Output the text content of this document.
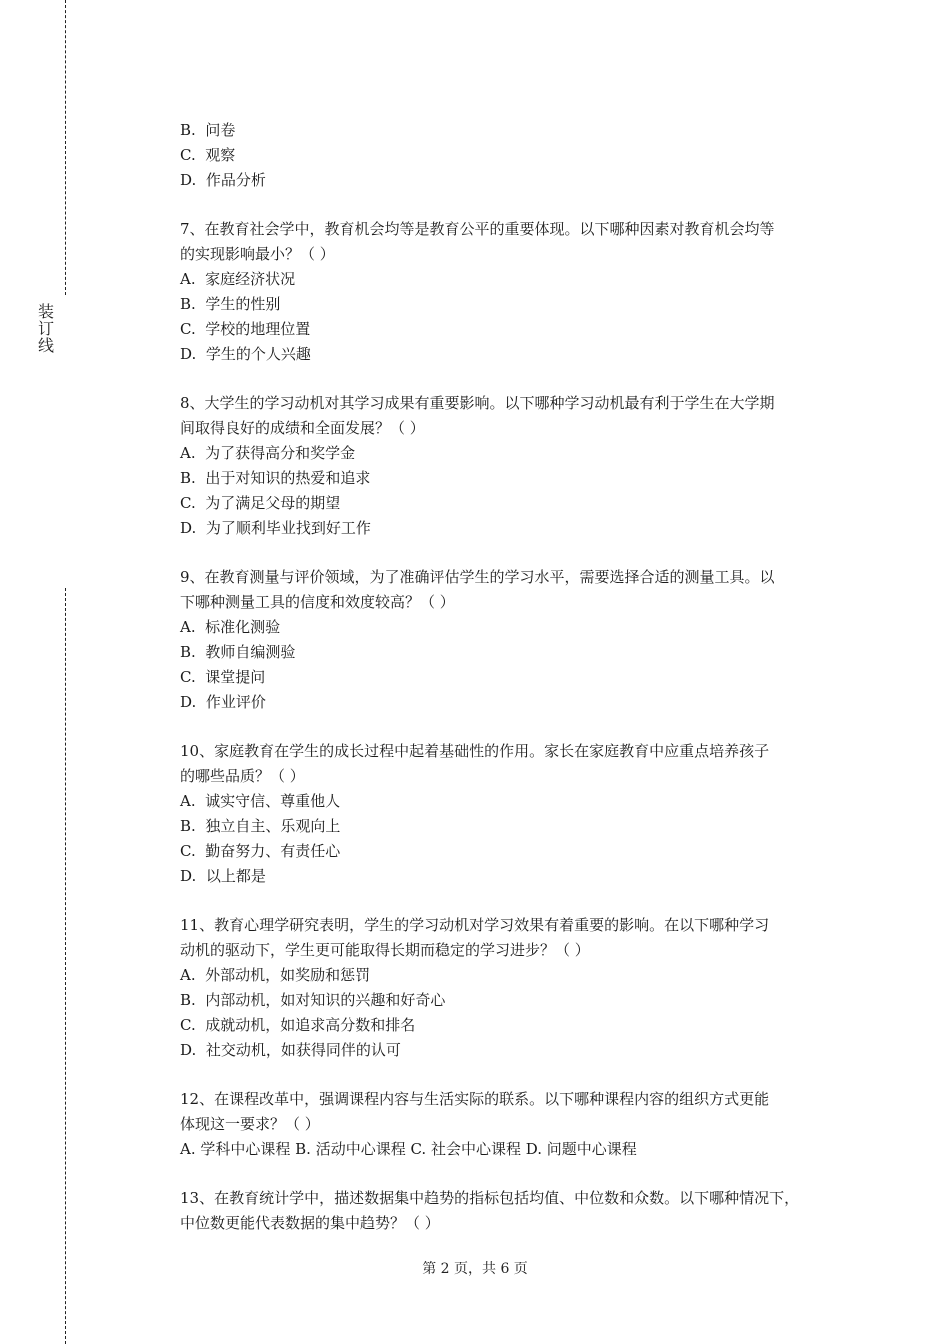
装
订
线
B. 问卷
C. 观察
D. 作品分析
7、在教育社会学中，教育机会均等是教育公平的重要体现。以下哪种因素对教育机会均等
的实现影响最小？（ ）
A. 家庭经济状况
B. 学生的性别
C. 学校的地理位置
D. 学生的个人兴趣
8、大学生的学习动机对其学习成果有重要影响。以下哪种学习动机最有利于学生在大学期
间取得良好的成绩和全面发展？（ ）
A. 为了获得高分和奖学金
B. 出于对知识的热爱和追求
C. 为了满足父母的期望
D. 为了顺利毕业找到好工作
9、在教育测量与评价领域，为了准确评估学生的学习水平，需要选择合适的测量工具。以
下哪种测量工具的信度和效度较高？（ ）
A. 标准化测验
B. 教师自编测验
C. 课堂提问
D. 作业评价
10、家庭教育在学生的成长过程中起着基础性的作用。家长在家庭教育中应重点培养孩子
的哪些品质？（ ）
A. 诚实守信、尊重他人
B. 独立自主、乐观向上
C. 勤奋努力、有责任心
D. 以上都是
11、教育心理学研究表明，学生的学习动机对学习效果有着重要的影响。在以下哪种学习
动机的驱动下，学生更可能取得长期而稳定的学习进步？（ ）
A. 外部动机，如奖励和惩罚
B. 内部动机，如对知识的兴趣和好奇心
C. 成就动机，如追求高分数和排名
D. 社交动机，如获得同伴的认可
12、在课程改革中，强调课程内容与生活实际的联系。以下哪种课程内容的组织方式更能
体现这一要求？（ ）
A. 学科中心课程 B. 活动中心课程 C. 社会中心课程 D. 问题中心课程
13、在教育统计学中，描述数据集中趋势的指标包括均值、中位数和众数。以下哪种情况下，
中位数更能代表数据的集中趋势？（ ）
第 2 页，共 6 页
